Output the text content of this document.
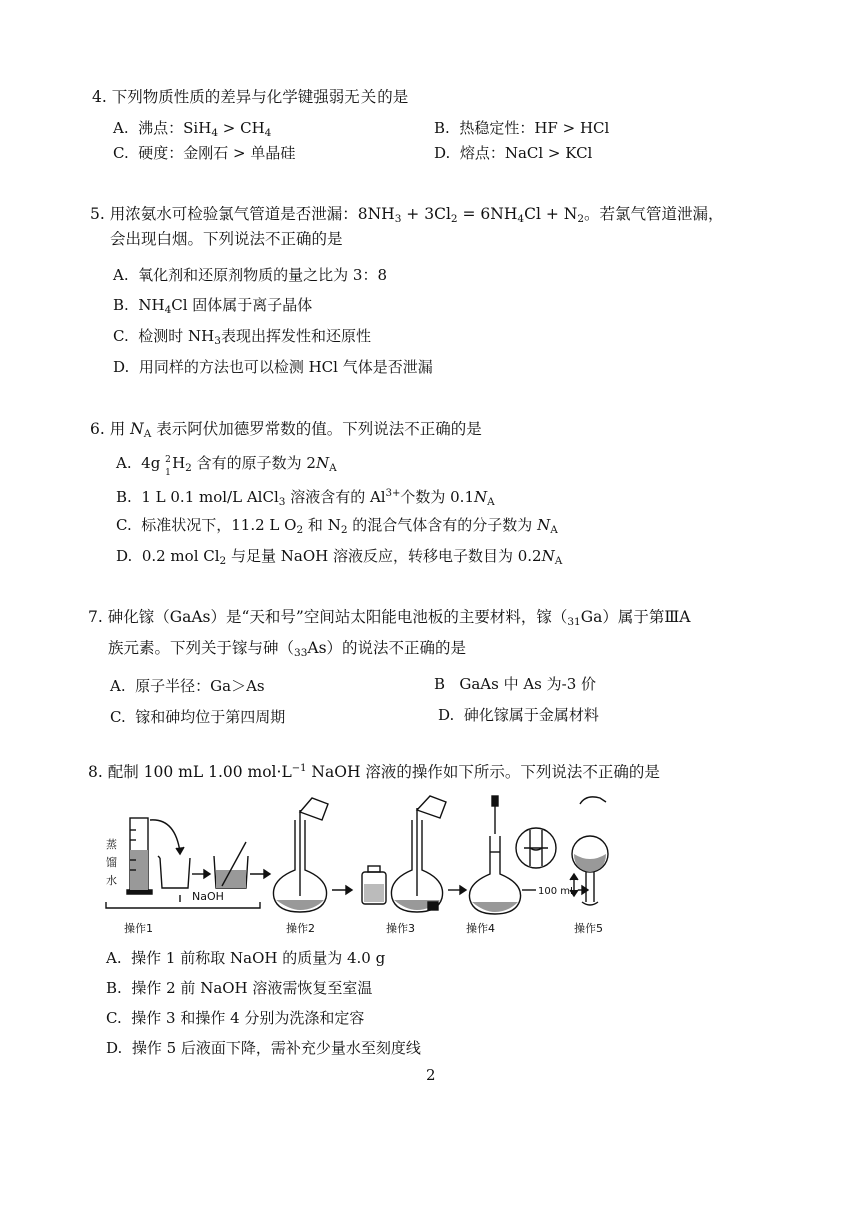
4. 下列物质性质的差异与化学键强弱无关的是
A. 沸点：$SiH_4 > CH_4$	B. 热稳定性：HF > HCl
C. 硬度：金刚石 > 单晶硅	D. 熔点：NaCl > KCl
5. 用浓氨水可检验氯气管道是否泄漏：$8NH_3 + 3Cl_2 = 6NH_4Cl + N_2$。若氯气管道泄漏，
会出现白烟。下列说法不正确的是
A. 氧化剂和还原剂物质的量之比为 3：8
B. $NH_4Cl$ 固体属于离子晶体
C. 检测时 $NH_3$表现出挥发性和还原性
D. 用同样的方法也可以检测 HCl 气体是否泄漏
6. 用 $N_A$ 表示阿伏加德罗常数的值。下列说法不正确的是
A. 4g 2
1
$H_2$ 含有的原子数为 $2N_A$
B. 1 L 0.1 mol/L AlCl$_3$ 溶液含有的 $Al^{3+}$个数为 $0.1N_A$
C. 标准状况下，11.2 L $O_2$ 和 $N_2$ 的混合气体含有的分子数为 $N_A$
D. 0.2 mol $Cl_2$ 与足量 NaOH 溶液反应，转移电子数目为 $0.2N_A$
7. 砷化镓（GaAs）是“天和号”空间站太阳能电池板的主要材料，镓$(_{31}Ga)$属于第ⅢA
族元素。下列关于镓与砷$(_{33}As)$的说法不正确的是
A. 原子半径：Ga＞As	B GaAs 中 As 为-3 价
C. 镓和砷均位于第四周期	D. 砷化镓属于金属材料
8. 配制 100 mL 1.00 $mol\cdot L^{-1}$ NaOH 溶液的操作如下所示。下列说法不正确的是
蒸
馏
水
NaOH	100 mL
操作1	操作2	操作3	操作4	操作5
A. 操作 1 前称取 NaOH 的质量为 4.0 g
B. 操作 2 前 NaOH 溶液需恢复至室温
C. 操作 3 和操作 4 分别为洗涤和定容
D. 操作 5 后液面下降，需补充少量水至刻度线
2
